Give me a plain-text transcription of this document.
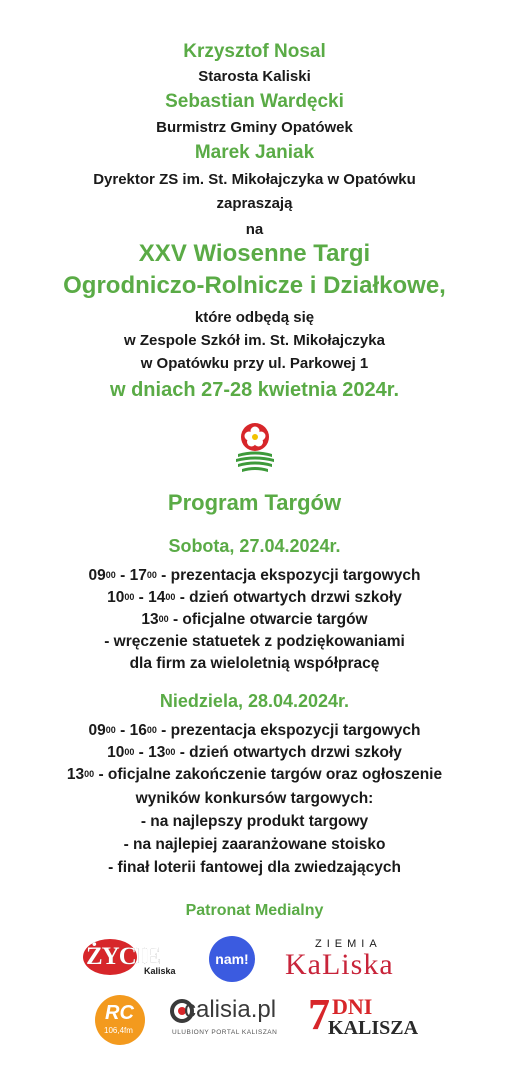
Krzysztof Nosal

Starosta Kaliski

Sebastian Wardęcki

Burmistrz Gminy Opatówek

Marek Janiak

Dyrektor ZS im. St. Mikołajczyka w Opatówku

zapraszają

na

XXV Wiosenne Targi

Ogrodniczo-Rolnicze i Działkowe,

które odbędą się

w Zespole Szkół im. St. Mikołajczyka

w Opatówku przy ul. Parkowej 1

w dniach 27-28 kwietnia 2024r.

Program Targów

Sobota, 27.04.2024r.

$09^{00} - 17^{00}$ - prezentacja ekspozycji targowych

$10^{00} - 14^{00}$ - dzień otwartych drzwi szkoły

$13^{00}$ - oficjalne otwarcie targów

- wręczenie statuetek z podziękowaniami

dla firm za wieloletnią współpracę

Niedziela, 28.04.2024r.

$09^{00} - 16^{00}$ - prezentacja ekspozycji targowych

$10^{00} - 13^{00}$ - dzień otwartych drzwi szkoły

$13^{00}$ - oficjalne zakończenie targów oraz ogłoszenie

wyników konkursów targowych:

- na najlepszy produkt targowy

- na najlepiej zaaranżowane stoisko

- finał loterii fantowej dla zwiedzających

Patronat Medialny

ŻYCIE
Kaliska
nam!
ZIEMIA
KaLiska
RC
106,4fm
calisia.pl
ULUBIONY PORTAL KALISZAN 7 DNI
KALISZA
